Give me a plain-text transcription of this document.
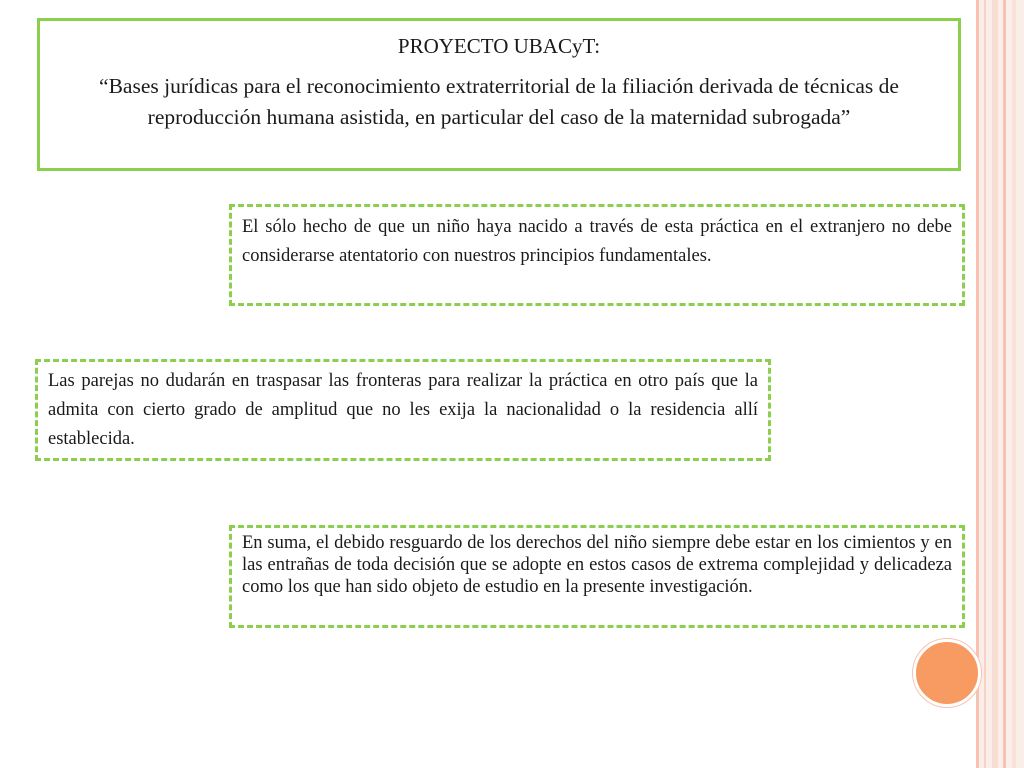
PROYECTO UBACyT:
“Bases jurídicas para el reconocimiento extraterritorial de la filiación derivada de técnicas de reproducción humana asistida, en particular del caso de la maternidad subrogada”

El sólo hecho de que un niño haya nacido a través de esta práctica en el extranjero no debe considerarse atentatorio con nuestros principios fundamentales.

Las parejas no dudarán en traspasar las fronteras para realizar la práctica en otro país que la admita con cierto grado de amplitud que no les exija la nacionalidad o la residencia allí establecida.

En suma, el debido resguardo de los derechos del niño siempre debe estar en los cimientos y en las entrañas de toda decisión que se adopte en estos casos de extrema complejidad y delicadeza como los que han sido objeto de estudio en la presente investigación.
